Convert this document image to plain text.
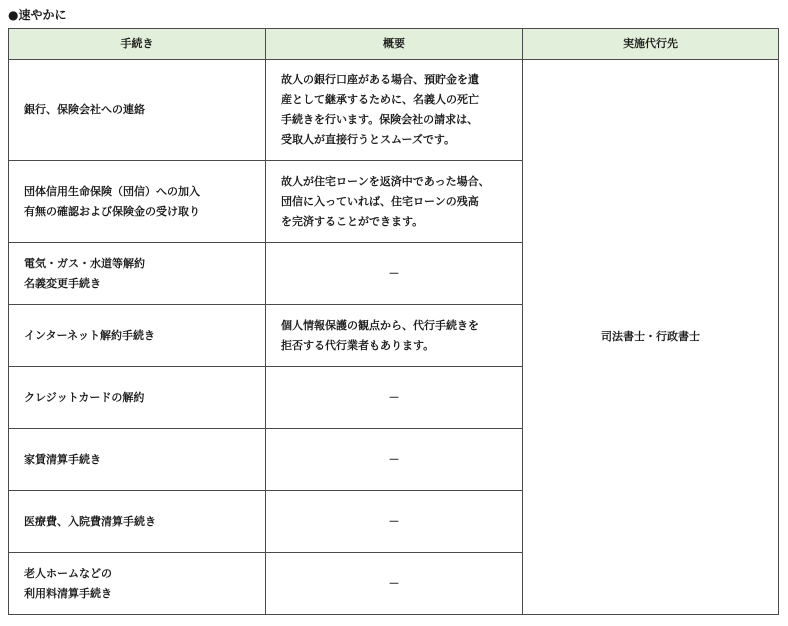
●速やかに
手続き	概要	実施代行先

銀行、保険会社への連絡	故人の銀行口座がある場合、預貯金を遺
産として継承するために、名義人の死亡
手続きを行います。保険会社の請求は、
受取人が直接行うとスムーズです。	司法書士・行政書士

団体信用生命保険（団信）への加入
有無の確認および保険金の受け取り	故人が住宅ローンを返済中であった場合、
団信に入っていれば、住宅ローンの残高
を完済することができます。	

電気・ガス・水道等解約
名義変更手続き	－	

インターネット解約手続き	個人情報保護の観点から、代行手続きを
拒否する代行業者もあります。	

クレジットカードの解約	－	

家賃清算手続き	－	

医療費、入院費清算手続き	－	

老人ホームなどの
利用料清算手続き	－	
